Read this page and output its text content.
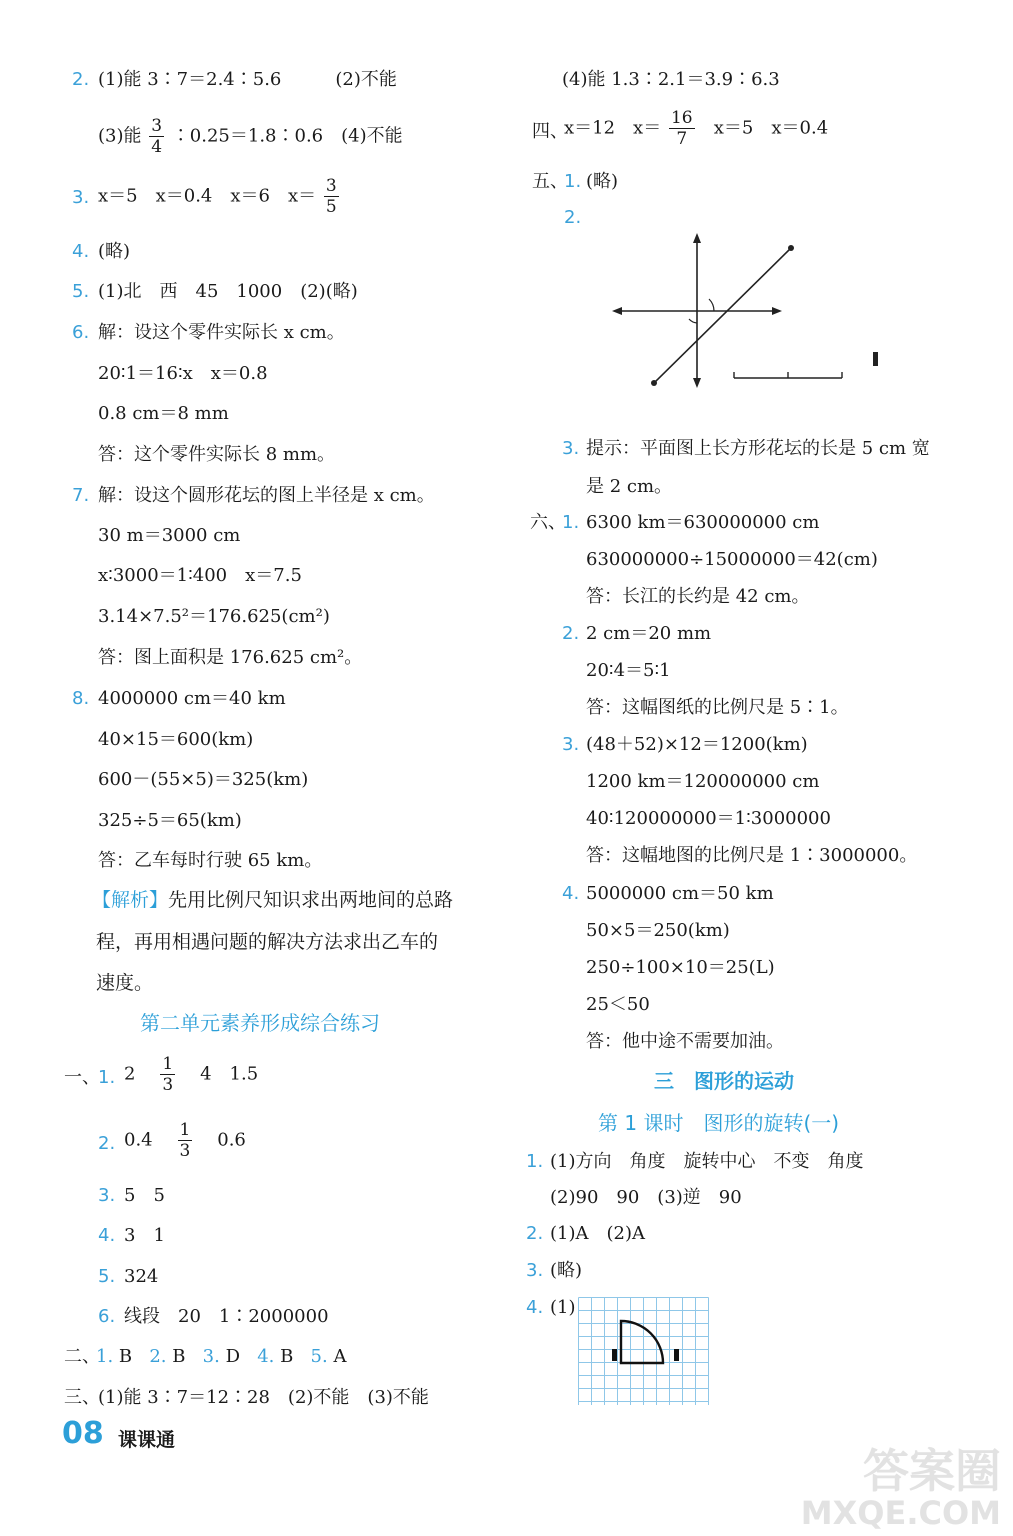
2. (1)能 3∶7＝2.4∶5.6　　　(2)不能
(3)能 $\frac{3}{4}$ ∶0.25＝1.8∶0.6　(4)不能
3. x＝5　x＝0.4　x＝6　$x= \frac{3}{5}$
4. (略)
5. (1)北　西　45　1000　(2)(略)
6. 解：设这个零件实际长 x cm。
20∶1＝16∶x　x＝0.8
0.8 cm＝8 mm
答：这个零件实际长 8 mm。
7. 解：设这个圆形花坛的图上半径是 x cm。
30 m＝3000 cm
x∶3000＝1∶400　x＝7.5
3.14×7.5²＝176.625(cm²)
答：图上面积是 176.625 cm²。
8. 4000000 cm＝40 km
40×15＝600(km)
600－(55×5)＝325(km)
325÷5＝65(km)
答：乙车每时行驶 65 km。
【解析】先用比例尺知识求出两地间的总路
程，再用相遇问题的解决方法求出乙车的
速度。
第二单元素养形成综合练习
一、
1. $2 \frac{1}{3} 4$　1.5
2. $0.4 \frac{1}{3} 0.6$
3. 5　5
4. 3　1
5. 324
6. 线段　20　1∶2000000
二、
1. B 2. B 3. D 4. B 5. A
三、
(1)能 3∶7＝12∶28　(2)不能　(3)不能
(4)能 1.3∶2.1＝3.9∶6.3
四、
x＝12　$x= \frac{16}{7} x=5$　x＝0.4
五、
1. (略)
2.
3. 提示：平面图上长方形花坛的长是 5 cm 宽
是 2 cm。
六、
1. 6300 km＝630000000 cm
630000000÷15000000＝42(cm)
答：长江的长约是 42 cm。
2. 2 cm＝20 mm
20∶4＝5∶1
答：这幅图纸的比例尺是 5∶1。
3. (48＋52)×12＝1200(km)
1200 km＝120000000 cm
40∶120000000＝1∶3000000
答：这幅地图的比例尺是 1∶3000000。
4. 5000000 cm＝50 km
50×5＝250(km)
250÷100×10＝25(L)
25＜50
答：他中途不需要加油。
三　图形的运动
第 1 课时　图形的旋转(一)
1. (1)方向　角度　旋转中心　不变　角度
(2)90　90　(3)逆　90
2. (1)A　(2)A
3. (略)
4. (1)
08 课课通
答案圈
MXQE.COM
